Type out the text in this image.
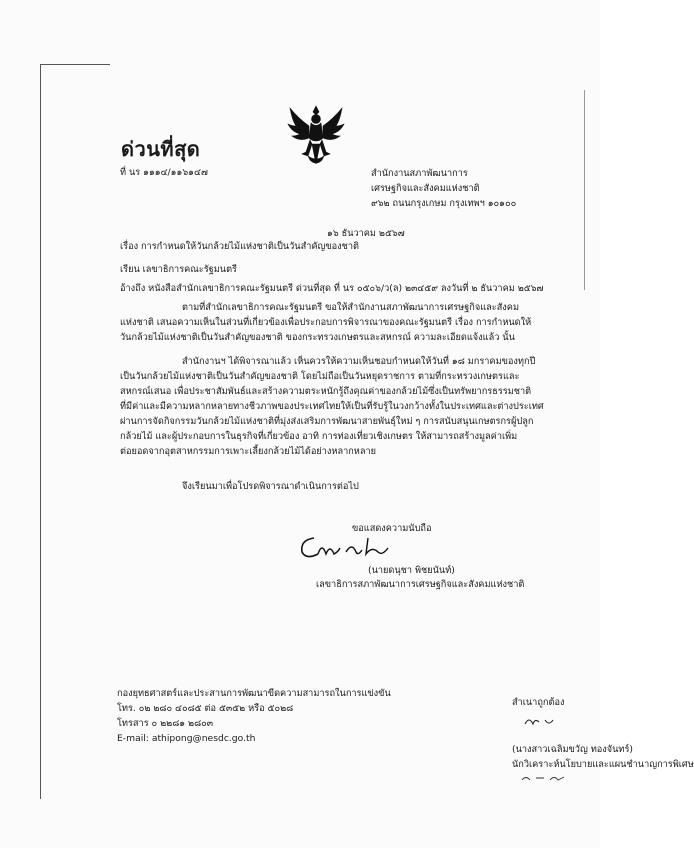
ด่วนที่สุด
ที่ นร ๑๑๑๔/๑๑๖๑๔๗	สำนักงานสภาพัฒนาการ
เศรษฐกิจและสังคมแห่งชาติ
๙๖๒ ถนนกรุงเกษม กรุงเทพฯ ๑๐๑๐๐
๑๖ ธันวาคม ๒๕๖๗
เรื่อง การกำหนดให้วันกล้วยไม้แห่งชาติเป็นวันสำคัญของชาติ
เรียน เลขาธิการคณะรัฐมนตรี
อ้างถึง หนังสือสำนักเลขาธิการคณะรัฐมนตรี ด่วนที่สุด ที่ นร ๐๕๐๖/ว(ล) ๒๓๔๕๙ ลงวันที่ ๒ ธันวาคม ๒๕๖๗

ตามที่สำนักเลขาธิการคณะรัฐมนตรี ขอให้สำนักงานสภาพัฒนาการเศรษฐกิจและสังคม

แห่งชาติ เสนอความเห็นในส่วนที่เกี่ยวข้องเพื่อประกอบการพิจารณาของคณะรัฐมนตรี เรื่อง การกำหนดให้

วันกล้วยไม้แห่งชาติเป็นวันสำคัญของชาติ ของกระทรวงเกษตรและสหกรณ์ ความละเอียดแจ้งแล้ว นั้น

สำนักงานฯ ได้พิจารณาแล้ว เห็นควรให้ความเห็นชอบกำหนดให้วันที่ ๑๘ มกราคมของทุกปี

เป็นวันกล้วยไม้แห่งชาติเป็นวันสำคัญของชาติ โดยไม่ถือเป็นวันหยุดราชการ ตามที่กระทรวงเกษตรและ

สหกรณ์เสนอ เพื่อประชาสัมพันธ์และสร้างความตระหนักรู้ถึงคุณค่าของกล้วยไม้ซึ่งเป็นทรัพยากรธรรมชาติ

ที่มีค่าและมีความหลากหลายทางชีวภาพของประเทศไทยให้เป็นที่รับรู้ในวงกว้างทั้งในประเทศและต่างประเทศ

ผ่านการจัดกิจกรรมวันกล้วยไม้แห่งชาติที่มุ่งส่งเสริมการพัฒนาสายพันธุ์ใหม่ ๆ การสนับสนุนเกษตรกรผู้ปลูก

กล้วยไม้ และผู้ประกอบการในธุรกิจที่เกี่ยวข้อง อาทิ การท่องเที่ยวเชิงเกษตร ให้สามารถสร้างมูลค่าเพิ่ม

ต่อยอดจากอุตสาหกรรมการเพาะเลี้ยงกล้วยไม้ได้อย่างหลากหลาย

จึงเรียนมาเพื่อโปรดพิจารณาดำเนินการต่อไป

ขอแสดงความนับถือ
(นายดนุชา พิชยนันท์)
เลขาธิการสภาพัฒนาการเศรษฐกิจและสังคมแห่งชาติ
กองยุทธศาสตร์และประสานการพัฒนาขีดความสามารถในการแข่งขัน
โทร. ๐๒ ๒๘๐ ๔๐๘๕ ต่อ ๕๓๕๒ หรือ ๕๐๒๘
โทรสาร ๐ ๒๒๘๑ ๒๘๐๓
E-mail: athipong@nesdc.go.th
สำเนาถูกต้อง
(นางสาวเฉลิมขวัญ ทองจันทร์)
นักวิเคราะห์นโยบายและแผนชำนาญการพิเศษ
